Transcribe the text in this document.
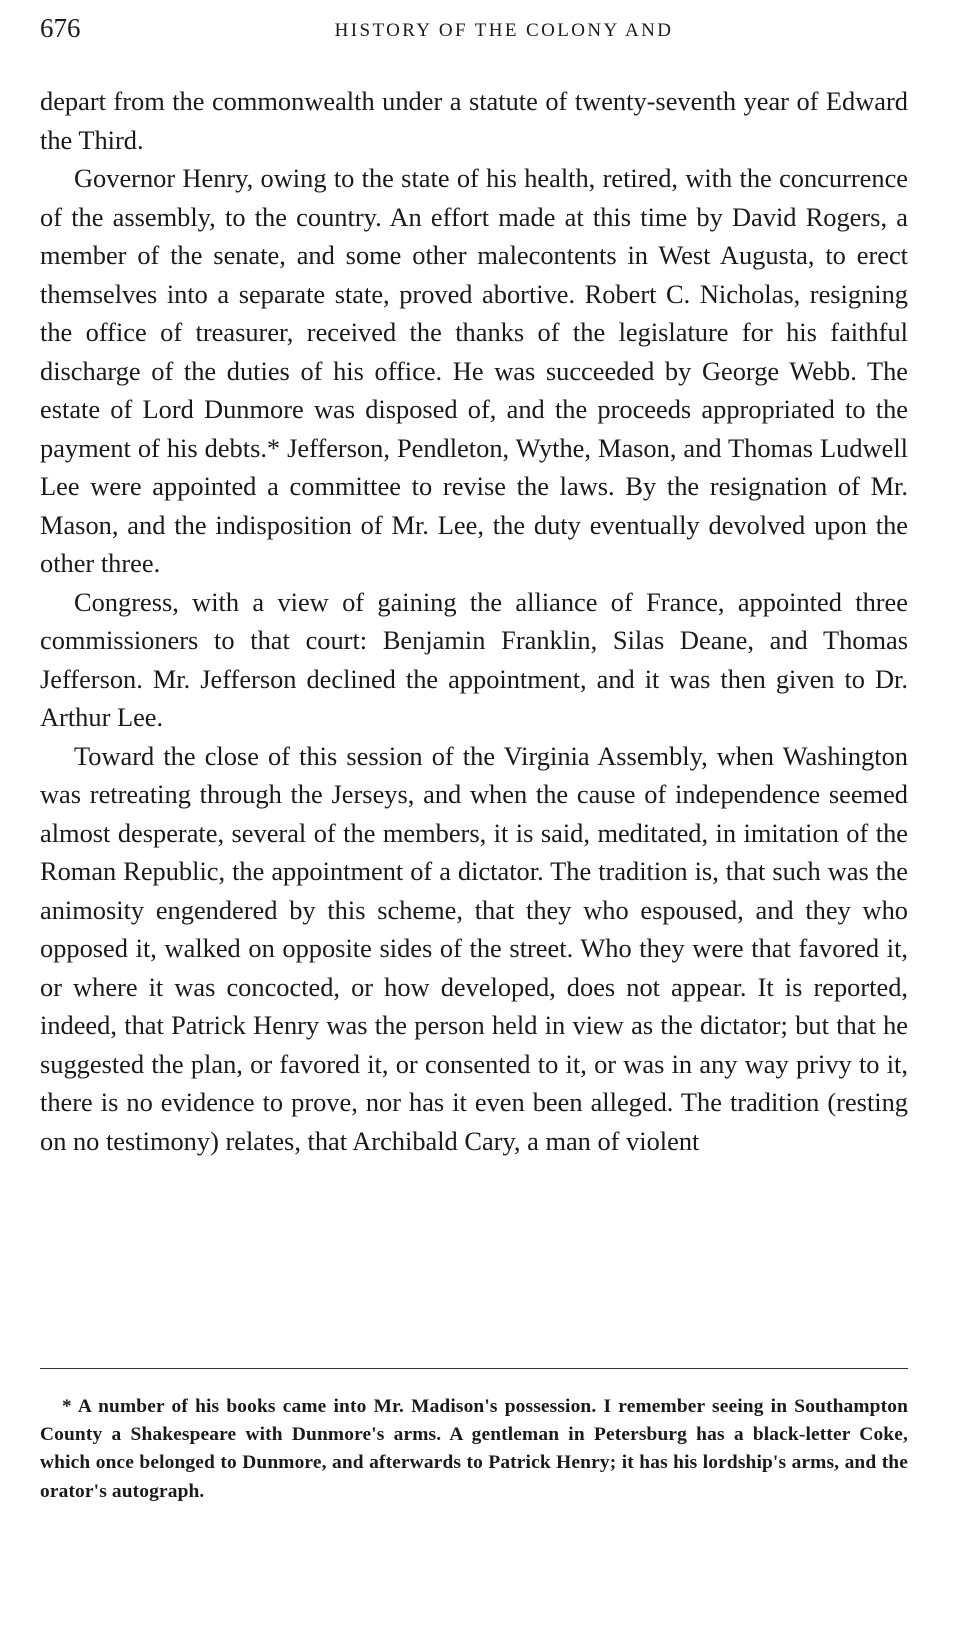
676	HISTORY OF THE COLONY AND

depart from the commonwealth under a statute of twenty-seventh year of Edward the Third.

Governor Henry, owing to the state of his health, retired, with the concurrence of the assembly, to the country. An effort made at this time by David Rogers, a member of the senate, and some other malecontents in West Augusta, to erect themselves into a separate state, proved abortive. Robert C. Nicholas, resigning the office of treasurer, received the thanks of the legislature for his faithful discharge of the duties of his office. He was succeeded by George Webb. The estate of Lord Dunmore was disposed of, and the proceeds appropriated to the payment of his debts.* Jefferson, Pendleton, Wythe, Mason, and Thomas Ludwell Lee were appointed a committee to revise the laws. By the resignation of Mr. Mason, and the indisposition of Mr. Lee, the duty eventually devolved upon the other three.

Congress, with a view of gaining the alliance of France, appointed three commissioners to that court: Benjamin Franklin, Silas Deane, and Thomas Jefferson. Mr. Jefferson declined the appointment, and it was then given to Dr. Arthur Lee.

Toward the close of this session of the Virginia Assembly, when Washington was retreating through the Jerseys, and when the cause of independence seemed almost desperate, several of the members, it is said, meditated, in imitation of the Roman Republic, the appointment of a dictator. The tradition is, that such was the animosity engendered by this scheme, that they who espoused, and they who opposed it, walked on opposite sides of the street. Who they were that favored it, or where it was concocted, or how developed, does not appear. It is reported, indeed, that Patrick Henry was the person held in view as the dictator; but that he suggested the plan, or favored it, or consented to it, or was in any way privy to it, there is no evidence to prove, nor has it even been alleged. The tradition (resting on no testimony) relates, that Archibald Cary, a man of violent

* A number of his books came into Mr. Madison's possession. I remember seeing in Southampton County a Shakespeare with Dunmore's arms. A gentleman in Petersburg has a black-letter Coke, which once belonged to Dunmore, and afterwards to Patrick Henry; it has his lordship's arms, and the orator's autograph.
